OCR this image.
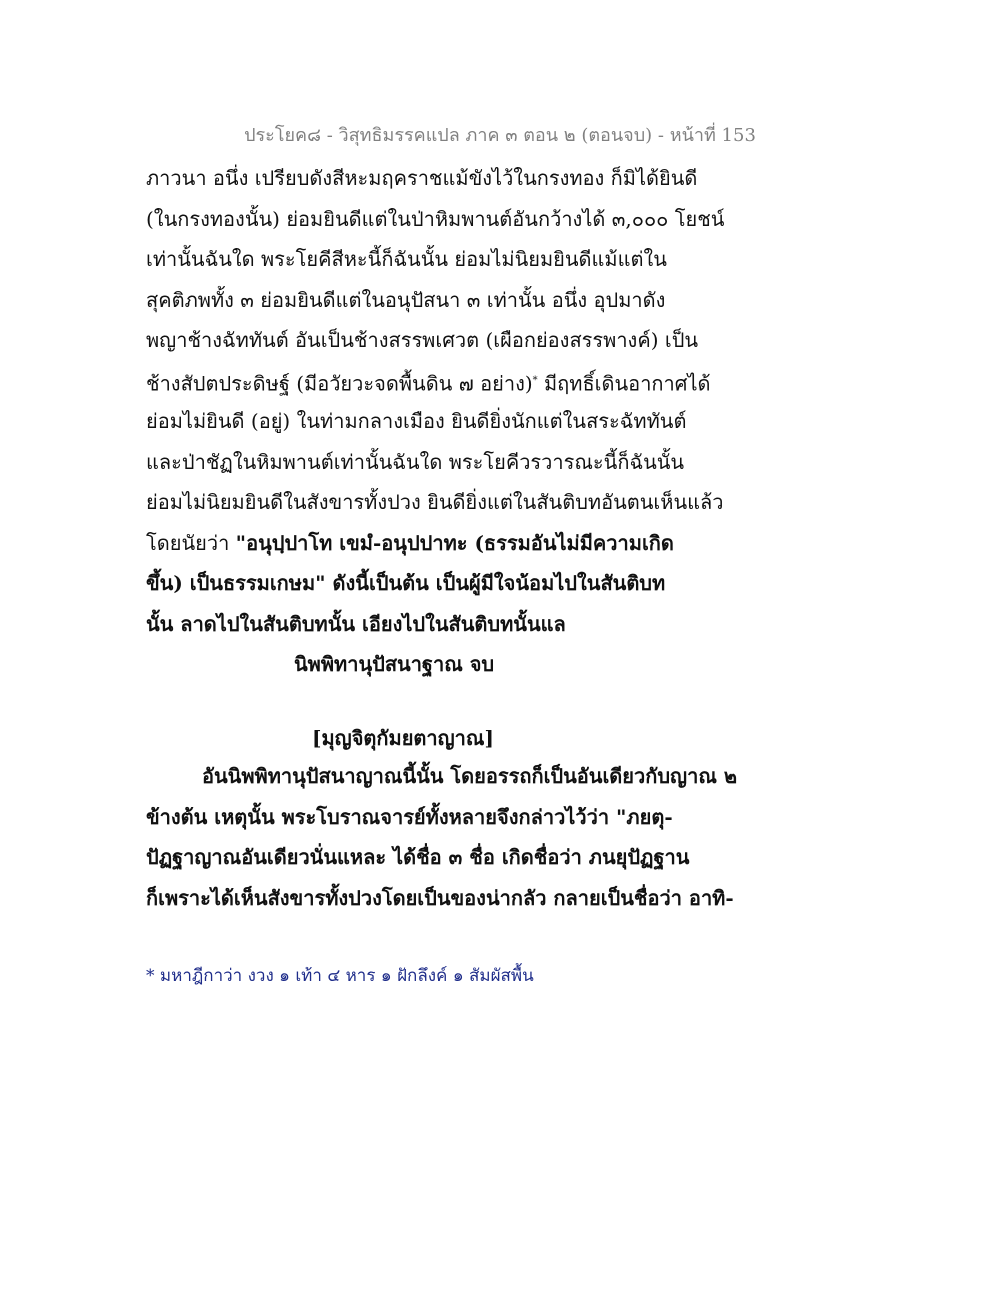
ประโยค๘ - วิสุทธิมรรคแปล ภาค ๓ ตอน ๒ (ตอนจบ) - หน้าที่ 153
ภาวนา อนึ่ง เปรียบดังสีหะมฤคราชแม้ขังไว้ในกรงทอง ก็มิได้ยินดี
(ในกรงทองนั้น) ย่อมยินดีแต่ในป่าหิมพานต์อันกว้างได้ ๓,๐๐๐ โยชน์
เท่านั้นฉันใด พระโยคีสีหะนี้ก็ฉันนั้น ย่อมไม่นิยมยินดีแม้แต่ใน
สุคติภพทั้ง ๓ ย่อมยินดีแต่ในอนุปัสนา ๓ เท่านั้น อนึ่ง อุปมาดัง
พญาช้างฉัททันต์ อันเป็นช้างสรรพเศวต (เผือกย่องสรรพางค์) เป็น
ช้างสัปตประดิษฐ์ (มีอวัยวะจดพื้นดิน ๗ อย่าง)* มีฤทธิ์เดินอากาศได้
ย่อมไม่ยินดี (อยู่) ในท่ามกลางเมือง ยินดียิ่งนักแต่ในสระฉัททันต์
และป่าชัฏในหิมพานต์เท่านั้นฉันใด พระโยคีวรวารณะนี้ก็ฉันนั้น
ย่อมไม่นิยมยินดีในสังขารทั้งปวง ยินดียิ่งแต่ในสันติบทอันตนเห็นแล้ว
โดยนัยว่า "อนุปฺปาโท เขมํ-อนุปปาทะ (ธรรมอันไม่มีความเกิด
ขึ้น) เป็นธรรมเกษม" ดังนี้เป็นต้น เป็นผู้มีใจน้อมไปในสันติบท
นั้น ลาดไปในสันติบทนั้น เอียงไปในสันติบทนั้นแล
นิพพิทานุปัสนาฐาณ จบ
[มุญจิตุกัมยตาญาณ]
อันนิพพิทานุปัสนาญาณนี้นั้น โดยอรรถก็เป็นอันเดียวกับญาณ ๒
ข้างต้น เหตุนั้น พระโบราณจารย์ทั้งหลายจึงกล่าวไว้ว่า "ภยตุ-
ปัฏฐาญาณอันเดียวนั่นแหละ ได้ชื่อ ๓ ชื่อ เกิดชื่อว่า ภนยุปัฏฐาน
ก็เพราะได้เห็นสังขารทั้งปวงโดยเป็นของน่ากลัว กลายเป็นชื่อว่า อาทิ-
* มหาฎีกาว่า งวง ๑ เท้า ๔ หาร ๑ ฝักลึงค์ ๑ สัมผัสพื้น
